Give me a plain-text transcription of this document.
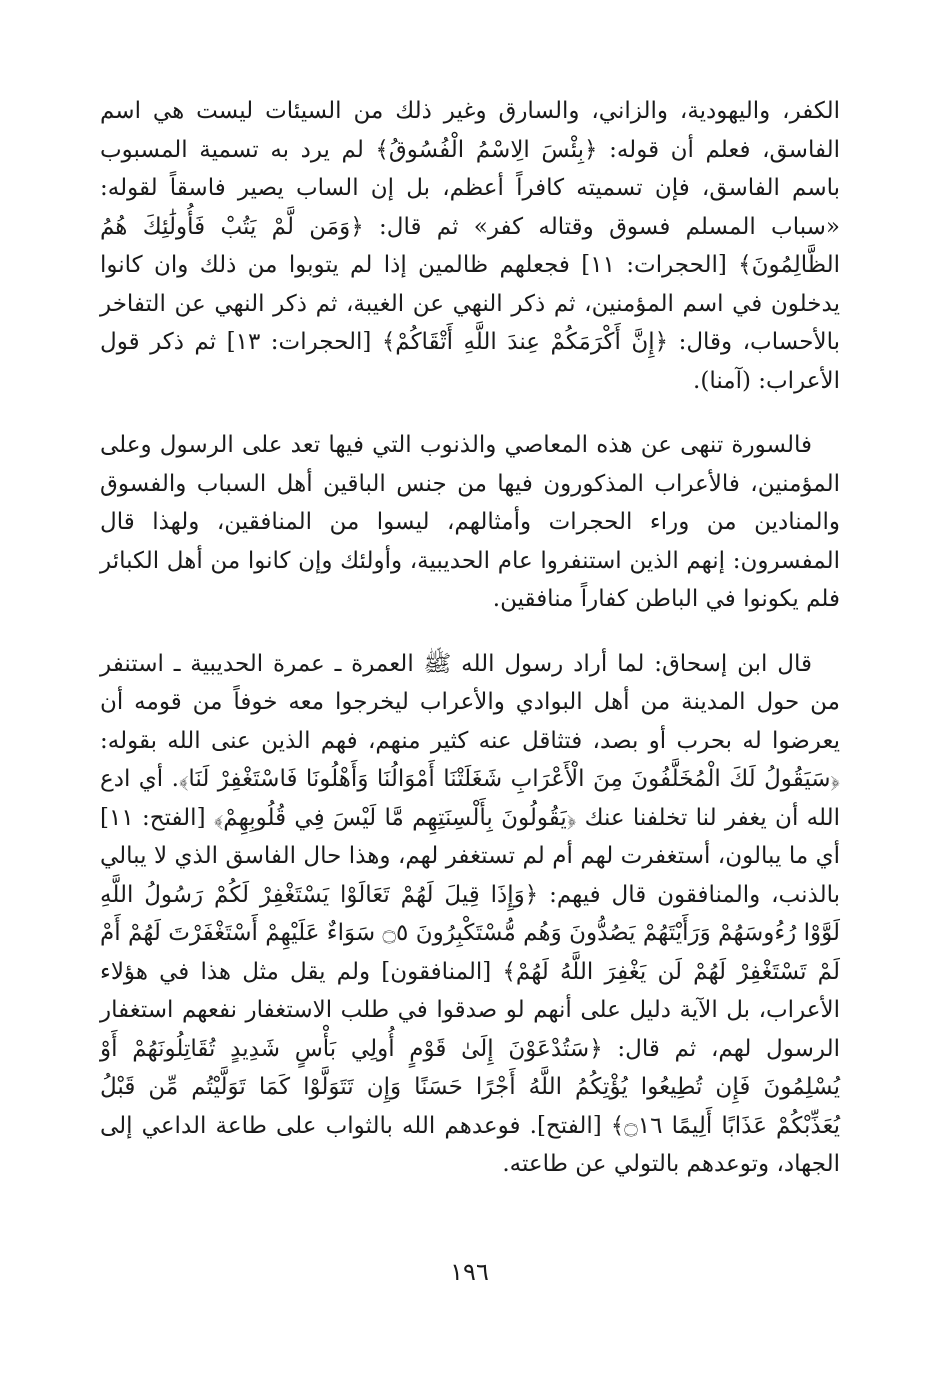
الكفر، واليهودية، والزاني، والسارق وغير ذلك من السيئات ليست هي اسم الفاسق، فعلم أن قوله: ﴿بِئْسَ الِاسْمُ الْفُسُوقُ﴾ لم يرد به تسمية المسبوب باسم الفاسق، فإن تسميته كافراً أعظم، بل إن الساب يصير فاسقاً لقوله: «سباب المسلم فسوق وقتاله كفر» ثم قال: ﴿وَمَن لَّمْ يَتُبْ فَأُولَٰئِكَ هُمُ الظَّالِمُونَ﴾ [الحجرات: ١١] فجعلهم ظالمين إذا لم يتوبوا من ذلك وان كانوا يدخلون في اسم المؤمنين، ثم ذكر النهي عن الغيبة، ثم ذكر النهي عن التفاخر بالأحساب، وقال: ﴿إِنَّ أَكْرَمَكُمْ عِندَ اللَّهِ أَتْقَاكُمْ﴾ [الحجرات: ١٣] ثم ذكر قول الأعراب: (آمنا).

فالسورة تنهى عن هذه المعاصي والذنوب التي فيها تعد على الرسول وعلى المؤمنين، فالأعراب المذكورون فيها من جنس الباقين أهل السباب والفسوق والمنادين من وراء الحجرات وأمثالهم، ليسوا من المنافقين، ولهذا قال المفسرون: إنهم الذين استنفروا عام الحديبية، وأولئك وإن كانوا من أهل الكبائر فلم يكونوا في الباطن كفاراً منافقين.

قال ابن إسحاق: لما أراد رسول الله ﷺ العمرة ـ عمرة الحديبية ـ استنفر من حول المدينة من أهل البوادي والأعراب ليخرجوا معه خوفاً من قومه أن يعرضوا له بحرب أو بصد، فتثاقل عنه كثير منهم، فهم الذين عنى الله بقوله: ﴿سَيَقُولُ لَكَ الْمُخَلَّفُونَ مِنَ الْأَعْرَابِ شَغَلَتْنَا أَمْوَالُنَا وَأَهْلُونَا فَاسْتَغْفِرْ لَنَا﴾. أي ادع الله أن يغفر لنا تخلفنا عنك ﴿يَقُولُونَ بِأَلْسِنَتِهِم مَّا لَيْسَ فِي قُلُوبِهِمْ﴾ [الفتح: ١١] أي ما يبالون، أستغفرت لهم أم لم تستغفر لهم، وهذا حال الفاسق الذي لا يبالي بالذنب، والمنافقون قال فيهم: ﴿وَإِذَا قِيلَ لَهُمْ تَعَالَوْا يَسْتَغْفِرْ لَكُمْ رَسُولُ اللَّهِ لَوَّوْا رُءُوسَهُمْ وَرَأَيْتَهُمْ يَصُدُّونَ وَهُم مُّسْتَكْبِرُونَ ۝٥ سَوَاءٌ عَلَيْهِمْ أَسْتَغْفَرْتَ لَهُمْ أَمْ لَمْ تَسْتَغْفِرْ لَهُمْ لَن يَغْفِرَ اللَّهُ لَهُمْ﴾ [المنافقون] ولم يقل مثل هذا في هؤلاء الأعراب، بل الآية دليل على أنهم لو صدقوا في طلب الاستغفار نفعهم استغفار الرسول لهم، ثم قال: ﴿سَتُدْعَوْنَ إِلَىٰ قَوْمٍ أُولِي بَأْسٍ شَدِيدٍ تُقَاتِلُونَهُمْ أَوْ يُسْلِمُونَ فَإِن تُطِيعُوا يُؤْتِكُمُ اللَّهُ أَجْرًا حَسَنًا وَإِن تَتَوَلَّوْا كَمَا تَوَلَّيْتُم مِّن قَبْلُ يُعَذِّبْكُمْ عَذَابًا أَلِيمًا ۝١٦﴾ [الفتح]. فوعدهم الله بالثواب على طاعة الداعي إلى الجهاد، وتوعدهم بالتولي عن طاعته.

١٩٦
